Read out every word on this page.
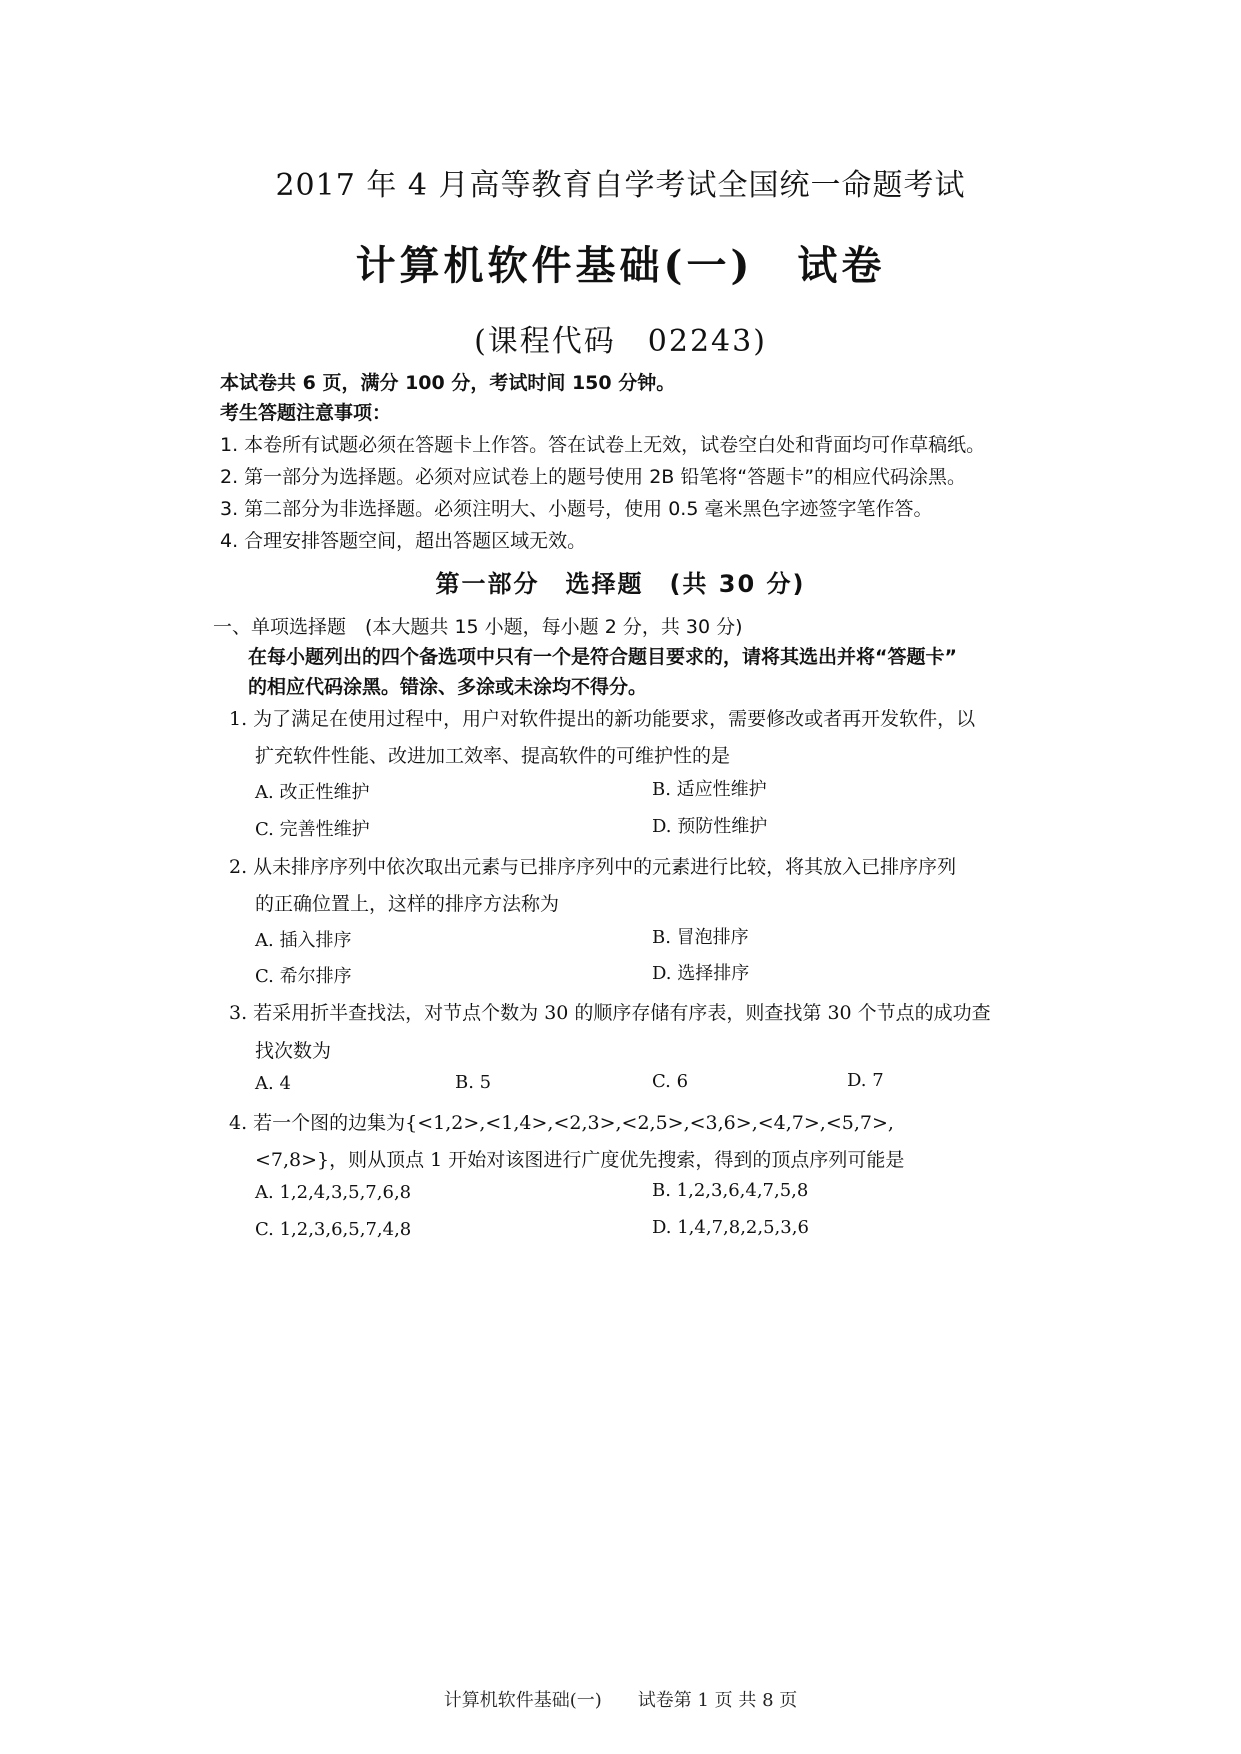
2017 年 4 月高等教育自学考试全国统一命题考试
计算机软件基础(一)　试卷
(课程代码　02243)
本试卷共 6 页，满分 100 分，考试时间 150 分钟。
考生答题注意事项：
1. 本卷所有试题必须在答题卡上作答。答在试卷上无效，试卷空白处和背面均可作草稿纸。
2. 第一部分为选择题。必须对应试卷上的题号使用 2B 铅笔将“答题卡”的相应代码涂黑。
3. 第二部分为非选择题。必须注明大、小题号，使用 0.5 毫米黑色字迹签字笔作答。
4. 合理安排答题空间，超出答题区域无效。
第一部分　选择题　(共 30 分)
一、单项选择题　(本大题共 15 小题，每小题 2 分，共 30 分)
在每小题列出的四个备选项中只有一个是符合题目要求的，请将其选出并将“答题卡”
的相应代码涂黑。错涂、多涂或未涂均不得分。
1. 为了满足在使用过程中，用户对软件提出的新功能要求，需要修改或者再开发软件，以
扩充软件性能、改进加工效率、提高软件的可维护性的是
A. 改正性维护	B. 适应性维护
C. 完善性维护	D. 预防性维护
2. 从未排序序列中依次取出元素与已排序序列中的元素进行比较，将其放入已排序序列
的正确位置上，这样的排序方法称为
A. 插入排序	B. 冒泡排序
C. 希尔排序	D. 选择排序
3. 若采用折半查找法，对节点个数为 30 的顺序存储有序表，则查找第 30 个节点的成功查
找次数为
A. 4	B. 5	C. 6	D. 7
4. 若一个图的边集为{<1,2>,<1,4>,<2,3>,<2,5>,<3,6>,<4,7>,<5,7>,
<7,8>}，则从顶点 1 开始对该图进行广度优先搜索，得到的顶点序列可能是
A. 1,2,4,3,5,7,6,8	B. 1,2,3,6,4,7,5,8
C. 1,2,3,6,5,7,4,8	D. 1,4,7,8,2,5,3,6
计算机软件基础(一)　　试卷第 1 页 共 8 页
